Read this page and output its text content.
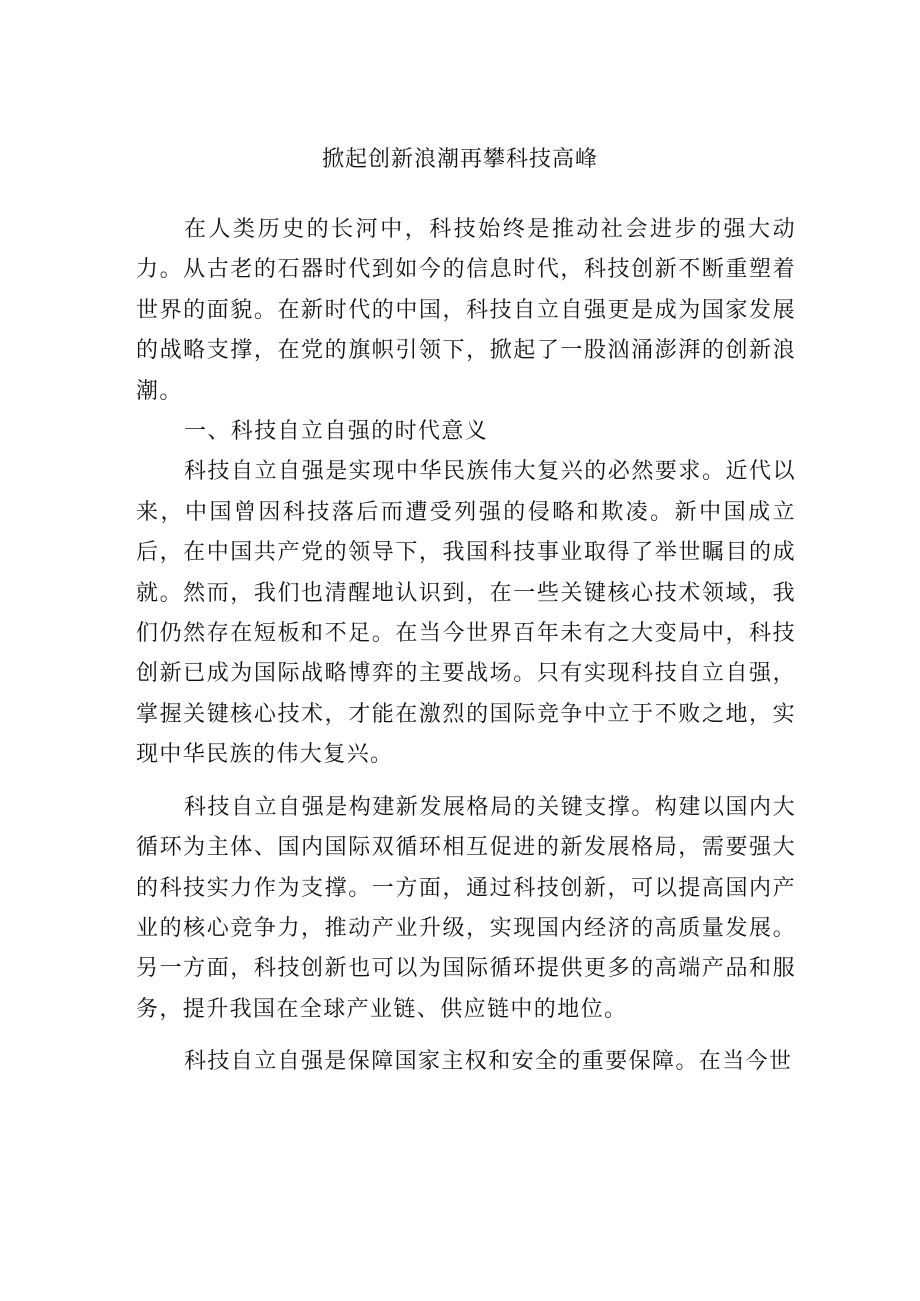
掀起创新浪潮再攀科技高峰

在人类历史的长河中，科技始终是推动社会进步的强大动力。从古老的石器时代到如今的信息时代，科技创新不断重塑着世界的面貌。在新时代的中国，科技自立自强更是成为国家发展的战略支撑，在党的旗帜引领下，掀起了一股汹涌澎湃的创新浪潮。

一、科技自立自强的时代意义

科技自立自强是实现中华民族伟大复兴的必然要求。近代以来，中国曾因科技落后而遭受列强的侵略和欺凌。新中国成立后，在中国共产党的领导下，我国科技事业取得了举世瞩目的成就。然而，我们也清醒地认识到，在一些关键核心技术领域，我们仍然存在短板和不足。在当今世界百年未有之大变局中，科技创新已成为国际战略博弈的主要战场。只有实现科技自立自强，掌握关键核心技术，才能在激烈的国际竞争中立于不败之地，实现中华民族的伟大复兴。

科技自立自强是构建新发展格局的关键支撑。构建以国内大循环为主体、国内国际双循环相互促进的新发展格局，需要强大的科技实力作为支撑。一方面，通过科技创新，可以提高国内产业的核心竞争力，推动产业升级，实现国内经济的高质量发展。另一方面，科技创新也可以为国际循环提供更多的高端产品和服务，提升我国在全球产业链、供应链中的地位。

科技自立自强是保障国家主权和安全的重要保障。在当今世
